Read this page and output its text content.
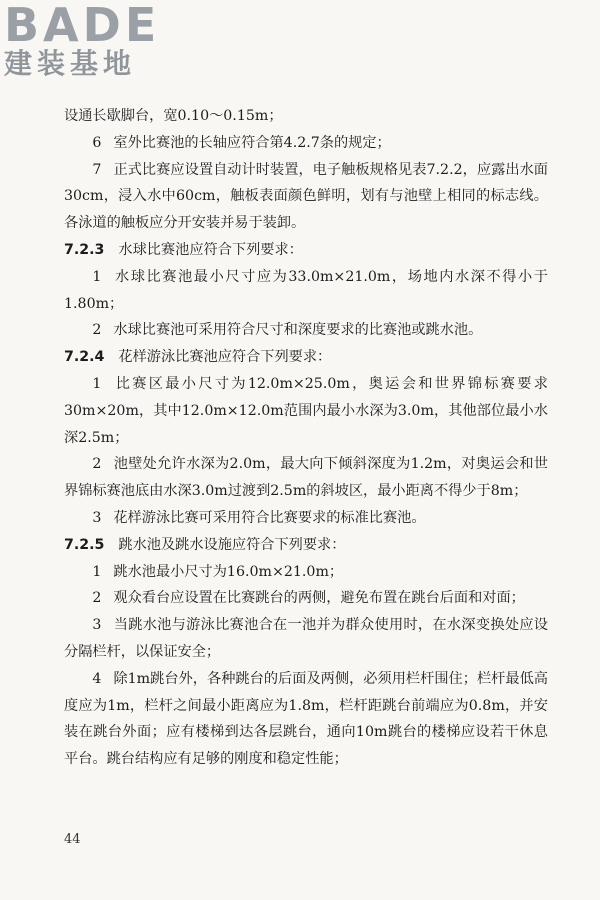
BADE
建装基地

设通长歇脚台，宽0.10～0.15m；

6 室外比赛池的长轴应符合第4.2.7条的规定；

7 正式比赛应设置自动计时装置，电子触板规格见表7.2.2，应露出水面30cm，浸入水中60cm，触板表面颜色鲜明，划有与池壁上相同的标志线。各泳道的触板应分开安装并易于装卸。

7.2.3 水球比赛池应符合下列要求：

1 水球比赛池最小尺寸应为33.0m×21.0m，场地内水深不得小于1.80m；

2 水球比赛池可采用符合尺寸和深度要求的比赛池或跳水池。

7.2.4 花样游泳比赛池应符合下列要求：

1 比赛区最小尺寸为12.0m×25.0m，奥运会和世界锦标赛要求30m×20m，其中12.0m×12.0m范围内最小水深为3.0m，其他部位最小水深2.5m；

2 池壁处允许水深为2.0m，最大向下倾斜深度为1.2m，对奥运会和世界锦标赛池底由水深3.0m过渡到2.5m的斜坡区，最小距离不得少于8m；

3 花样游泳比赛可采用符合比赛要求的标准比赛池。

7.2.5 跳水池及跳水设施应符合下列要求：

1 跳水池最小尺寸为16.0m×21.0m；

2 观众看台应设置在比赛跳台的两侧，避免布置在跳台后面和对面；

3 当跳水池与游泳比赛池合在一池并为群众使用时，在水深变换处应设分隔栏杆，以保证安全；

4 除1m跳台外，各种跳台的后面及两侧，必须用栏杆围住；栏杆最低高度应为1m，栏杆之间最小距离应为1.8m，栏杆距跳台前端应为0.8m，并安装在跳台外面；应有楼梯到达各层跳台，通向10m跳台的楼梯应设若干休息平台。跳台结构应有足够的刚度和稳定性能；

44
